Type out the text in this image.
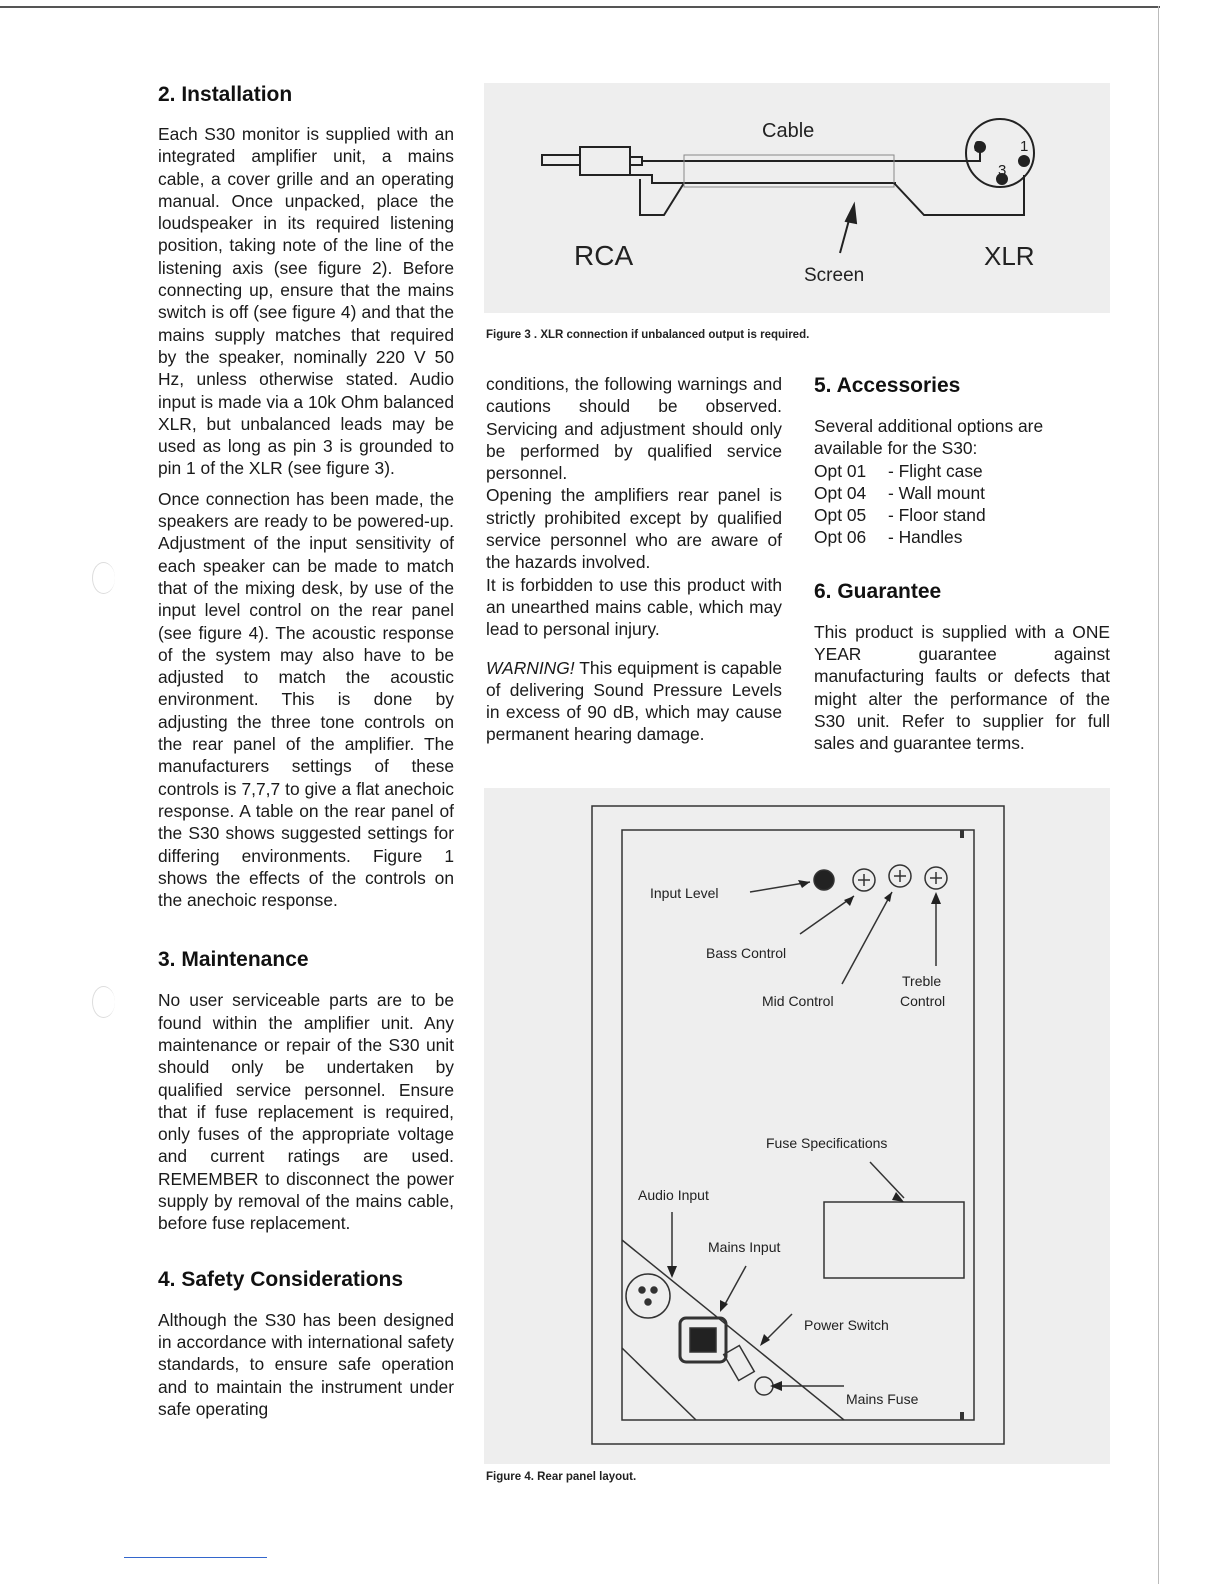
2. Installation

Each S30 monitor is supplied with an integrated amplifier unit, a mains cable, a cover grille and an operating manual. Once unpacked, place the loudspeaker in its required listening position, taking note of the line of the listening axis (see figure 2). Before connecting up, ensure that the mains switch is off (see figure 4) and that the mains supply matches that required by the speaker, nominally 220 V 50 Hz, unless otherwise stated. Audio input is made via a 10k Ohm balanced XLR, but unbalanced leads may be used as long as pin 3 is grounded to pin 1 of the XLR (see figure 3).

Once connection has been made, the speakers are ready to be powered-up. Adjustment of the input sensitivity of each speaker can be made to match that of the mixing desk, by use of the input level control on the rear panel (see figure 4). The acoustic response of the system may also have to be adjusted to match the acoustic environment. This is done by adjusting the three tone controls on the rear panel of the amplifier. The manufacturers settings of these controls is 7,7,7 to give a flat anechoic response. A table on the rear panel of the S30 shows suggested settings for differing environments. Figure 1 shows the effects of the controls on the anechoic response.

3. Maintenance

No user serviceable parts are to be found within the amplifier unit. Any maintenance or repair of the S30 unit should only be undertaken by qualified service personnel. Ensure that if fuse replacement is required, only fuses of the appropriate voltage and current ratings are used. REMEMBER to disconnect the power supply by removal of the mains cable, before fuse replacement.

4. Safety Considerations

Although the S30 has been designed in accordance with international safety standards, to ensure safe operation and to maintain the instrument under safe operating

Cable
RCA	XLR
Screen
2	1
3
Figure 3 . XLR connection if unbalanced output is required.

conditions, the following warnings and cautions should be observed. Servicing and adjustment should only be performed by qualified service personnel.

Opening the amplifiers rear panel is strictly prohibited except by qualified service personnel who are aware of the hazards involved.

It is forbidden to use this product with an unearthed mains cable, which may lead to personal injury.

WARNING! This equipment is capable of delivering Sound Pressure Levels in excess of 90 dB, which may cause permanent hearing damage.

5. Accessories

Several additional options are available for the S30:

Opt 01	- Flight case
Opt 04	- Wall mount
Opt 05	- Floor stand
Opt 06	- Handles
6. Guarantee

This product is supplied with a ONE YEAR guarantee against manufacturing faults or defects that might alter the performance of the S30 unit. Refer to supplier for full sales and guarantee terms.

Input Level
Bass Control
Mid Control
Treble
Control
Fuse Specifications
Audio Input
Mains Input
Power Switch
Mains Fuse
Figure 4. Rear panel layout.
